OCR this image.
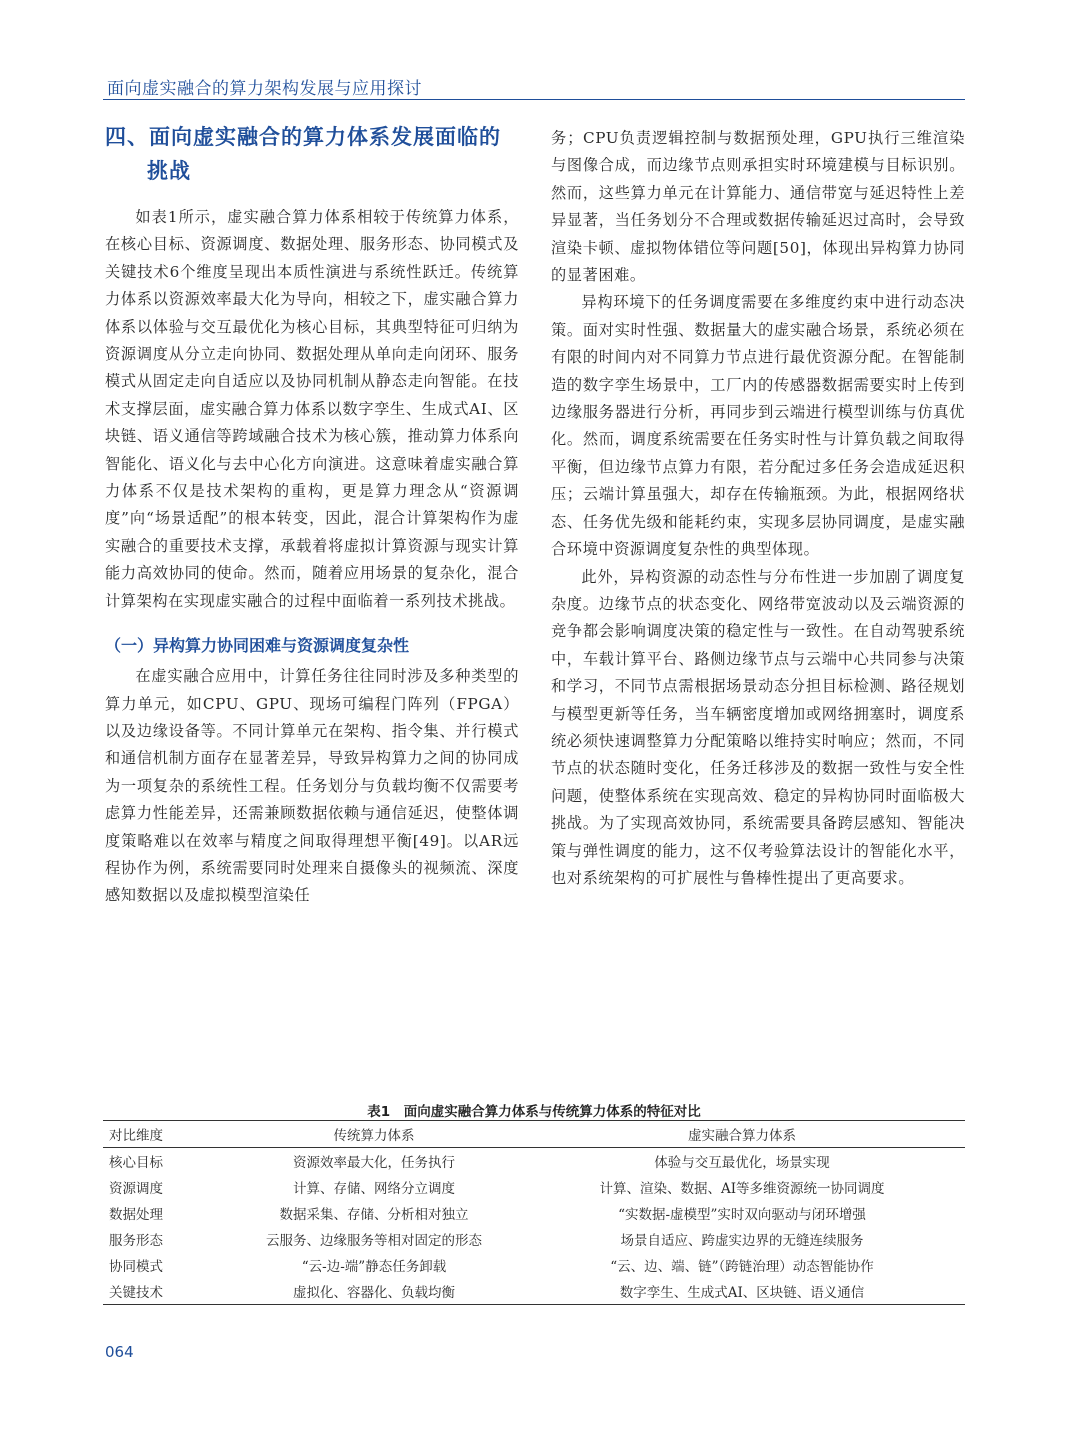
面向虚实融合的算力架构发展与应用探讨
四、面向虚实融合的算力体系发展面临的挑战

如表1所示，虚实融合算力体系相较于传统算力体系，在核心目标、资源调度、数据处理、服务形态、协同模式及关键技术6个维度呈现出本质性演进与系统性跃迁。传统算力体系以资源效率最大化为导向，相较之下，虚实融合算力体系以体验与交互最优化为核心目标，其典型特征可归纳为资源调度从分立走向协同、数据处理从单向走向闭环、服务模式从固定走向自适应以及协同机制从静态走向智能。在技术支撑层面，虚实融合算力体系以数字孪生、生成式AI、区块链、语义通信等跨域融合技术为核心簇，推动算力体系向智能化、语义化与去中心化方向演进。这意味着虚实融合算力体系不仅是技术架构的重构，更是算力理念从“资源调度”向“场景适配”的根本转变，因此，混合计算架构作为虚实融合的重要技术支撑，承载着将虚拟计算资源与现实计算能力高效协同的使命。然而，随着应用场景的复杂化，混合计算架构在实现虚实融合的过程中面临着一系列技术挑战。

（一）异构算力协同困难与资源调度复杂性

在虚实融合应用中，计算任务往往同时涉及多种类型的算力单元，如CPU、GPU、现场可编程门阵列（FPGA）以及边缘设备等。不同计算单元在架构、指令集、并行模式和通信机制方面存在显著差异，导致异构算力之间的协同成为一项复杂的系统性工程。任务划分与负载均衡不仅需要考虑算力性能差异，还需兼顾数据依赖与通信延迟，使整体调度策略难以在效率与精度之间取得理想平衡[49]。以AR远程协作为例，系统需要同时处理来自摄像头的视频流、深度感知数据以及虚拟模型渲染任

务；CPU负责逻辑控制与数据预处理，GPU执行三维渲染与图像合成，而边缘节点则承担实时环境建模与目标识别。然而，这些算力单元在计算能力、通信带宽与延迟特性上差异显著，当任务划分不合理或数据传输延迟过高时，会导致渲染卡顿、虚拟物体错位等问题[50]，体现出异构算力协同的显著困难。

异构环境下的任务调度需要在多维度约束中进行动态决策。面对实时性强、数据量大的虚实融合场景，系统必须在有限的时间内对不同算力节点进行最优资源分配。在智能制造的数字孪生场景中，工厂内的传感器数据需要实时上传到边缘服务器进行分析，再同步到云端进行模型训练与仿真优化。然而，调度系统需要在任务实时性与计算负载之间取得平衡，但边缘节点算力有限，若分配过多任务会造成延迟积压；云端计算虽强大，却存在传输瓶颈。为此，根据网络状态、任务优先级和能耗约束，实现多层协同调度，是虚实融合环境中资源调度复杂性的典型体现。

此外，异构资源的动态性与分布性进一步加剧了调度复杂度。边缘节点的状态变化、网络带宽波动以及云端资源的竞争都会影响调度决策的稳定性与一致性。在自动驾驶系统中，车载计算平台、路侧边缘节点与云端中心共同参与决策和学习，不同节点需根据场景动态分担目标检测、路径规划与模型更新等任务，当车辆密度增加或网络拥塞时，调度系统必须快速调整算力分配策略以维持实时响应；然而，不同节点的状态随时变化，任务迁移涉及的数据一致性与安全性问题，使整体系统在实现高效、稳定的异构协同时面临极大挑战。为了实现高效协同，系统需要具备跨层感知、智能决策与弹性调度的能力，这不仅考验算法设计的智能化水平，也对系统架构的可扩展性与鲁棒性提出了更高要求。

表1　面向虚实融合算力体系与传统算力体系的特征对比
对比维度	传统算力体系	虚实融合算力体系
核心目标	资源效率最大化，任务执行	体验与交互最优化，场景实现
资源调度	计算、存储、网络分立调度	计算、渲染、数据、AI等多维资源统一协同调度
数据处理	数据采集、存储、分析相对独立	“实数据-虚模型”实时双向驱动与闭环增强
服务形态	云服务、边缘服务等相对固定的形态	场景自适应、跨虚实边界的无缝连续服务
协同模式	“云-边-端”静态任务卸载	“云、边、端、链”（跨链治理）动态智能协作
关键技术	虚拟化、容器化、负载均衡	数字孪生、生成式AI、区块链、语义通信
064
